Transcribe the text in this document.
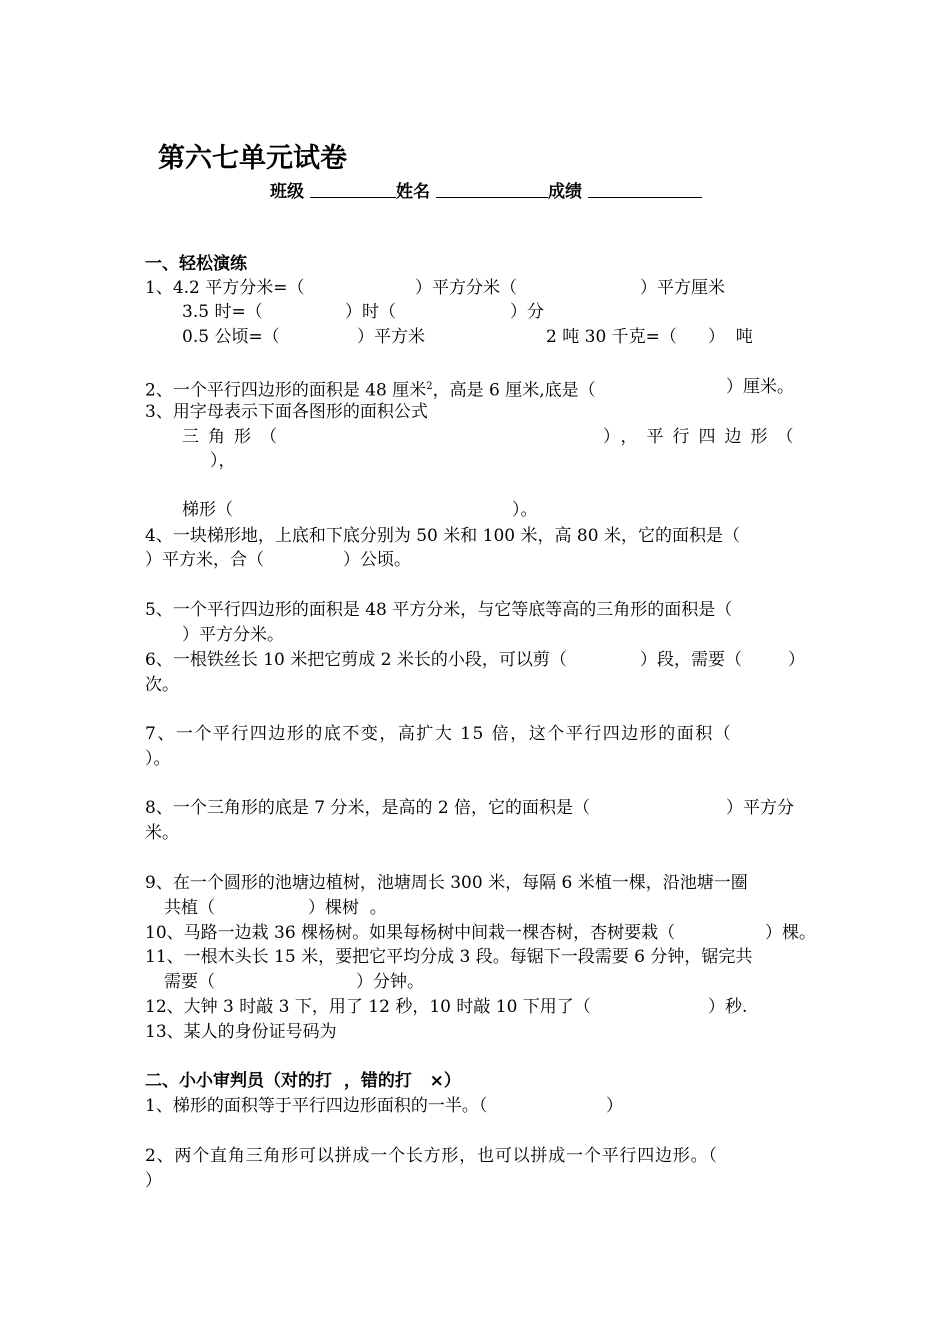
第六七单元试卷
班级	姓名	成绩
一、轻松演练
1、4.2 平方分米=（	）平方分米（	）平方厘米
3.5 时=（	）时（	）分
0.5 公顷=（	）平方米	2 吨 30 千克=（ ）  吨
2、一个平行四边形的面积是 48 厘米$^2$，高是 6 厘米,底是（	）厘米。
3、用字母表示下面各图形的面积公式
三角形（	），平行四边形（
），
梯形（	）。
4、一块梯形地，上底和下底分别为 50 米和 100 米，高 80 米，它的面积是（
）平方米，合（	）公顷。
5、一个平行四边形的面积是 48 平方分米，与它等底等高的三角形的面积是（
）平方分米。
6、一根铁丝长 10 米把它剪成 2 米长的小段，可以剪（	）段，需要（	）
次。
7、一个平行四边形的底不变，高扩大 15 倍，这个平行四边形的面积（
）。
8、一个三角形的底是 7 分米，是高的 2 倍，它的面积是（	）平方分
米。
9、在一个圆形的池塘边植树，池塘周长 300 米，每隔 6 米植一棵，沿池塘一圈
共植（	）棵树  。
10、马路一边栽 36 棵杨树。如果每杨树中间栽一棵杏树，杏树要栽（	）棵。
11、一根木头长 15 米，要把它平均分成 3 段。每锯下一段需要 6 分钟，锯完共
需要（	）分钟。
12、大钟 3 时敲 3 下，用了 12 秒，10 时敲 10 下用了（	）秒.
13、某人的身份证号码为
二、小小审判员（对的打  ，错的打   ×）
1、梯形的面积等于平行四边形面积的一半。（	）
2、两个直角三角形可以拼成一个长方形，也可以拼成一个平行四边形。（
）
